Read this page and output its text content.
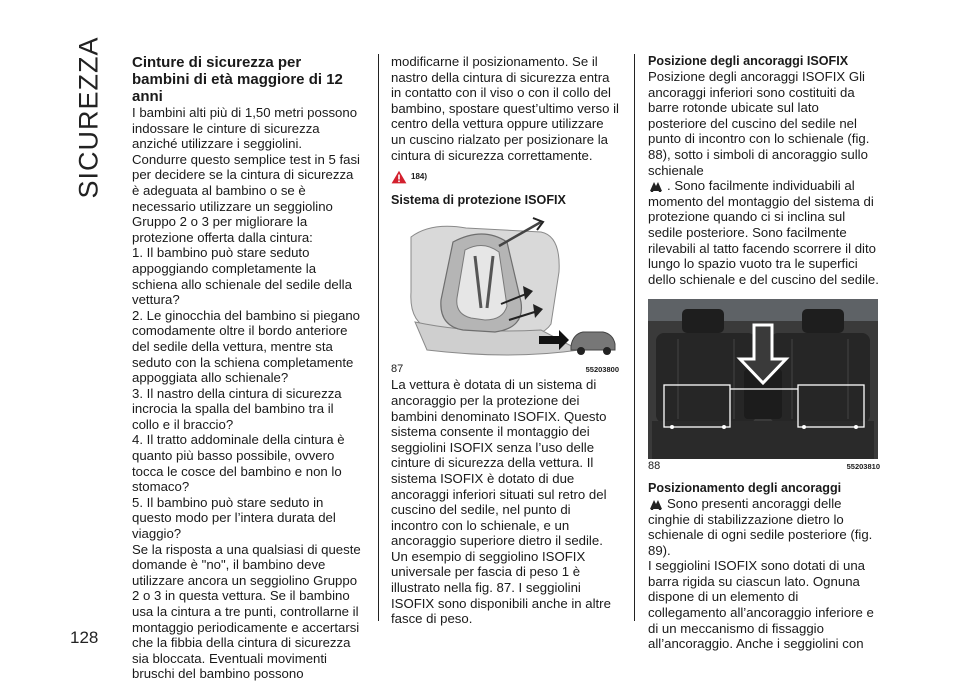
SICUREZZA Cinture di sicurezza per bambini di età maggiore di 12 anni

I bambini alti più di 1,50 metri possono indossare le cinture di sicurezza anziché utilizzare i seggiolini.

Condurre questo semplice test in 5 fasi per decidere se la cintura di sicurezza è adeguata al bambino o se è necessario utilizzare un seggiolino Gruppo 2 o 3 per migliorare la protezione offerta dalla cintura:

1. Il bambino può stare seduto appoggiando completamente la schiena allo schienale del sedile della vettura?

2. Le ginocchia del bambino si piegano comodamente oltre il bordo anteriore del sedile della vettura, mentre sta seduto con la schiena completamente appoggiata allo schienale?

3. Il nastro della cintura di sicurezza incrocia la spalla del bambino tra il collo e il braccio?

4. Il tratto addominale della cintura è quanto più basso possibile, ovvero tocca le cosce del bambino e non lo stomaco?

5. Il bambino può stare seduto in questo modo per l’intera durata del viaggio?

Se la risposta a una qualsiasi di queste domande è "no", il bambino deve utilizzare ancora un seggiolino Gruppo 2 o 3 in questa vettura. Se il bambino usa la cintura a tre punti, controllarne il montaggio periodicamente e accertarsi che la fibbia della cintura di sicurezza sia bloccata. Eventuali movimenti bruschi del bambino possono

modificarne il posizionamento. Se il nastro della cintura di sicurezza entra in contatto con il viso o con il collo del bambino, spostare quest’ultimo verso il centro della vettura oppure utilizzare un cuscino rialzato per posizionare la cintura di sicurezza correttamente.

184)

Sistema di protezione ISOFIX

87	55203800

La vettura è dotata di un sistema di ancoraggio per la protezione dei bambini denominato ISOFIX. Questo sistema consente il montaggio dei seggiolini ISOFIX senza l’uso delle cinture di sicurezza della vettura. Il sistema ISOFIX è dotato di due ancoraggi inferiori situati sul retro del cuscino del sedile, nel punto di incontro con lo schienale, e un ancoraggio superiore dietro il sedile.

Un esempio di seggiolino ISOFIX universale per fascia di peso 1 è illustrato nella fig. 87. I seggiolini ISOFIX sono disponibili anche in altre fasce di peso.

Posizione degli ancoraggi ISOFIX

Posizione degli ancoraggi ISOFIX Gli ancoraggi inferiori sono costituiti da barre rotonde ubicate sul lato posteriore del cuscino del sedile nel punto di incontro con lo schienale (fig. 88), sotto i simboli di ancoraggio sullo schienale
. Sono facilmente individuabili al momento del montaggio del sistema di protezione quando ci si inclina sul sedile posteriore. Sono facilmente rilevabili al tatto facendo scorrere il dito lungo lo spazio vuoto tra le superfici dello schienale e del cuscino del sedile.

88	55203810

Posizionamento degli ancoraggi

Sono presenti ancoraggi delle cinghie di stabilizzazione dietro lo schienale di ogni sedile posteriore (fig. 89).

I seggiolini ISOFIX sono dotati di una barra rigida su ciascun lato. Ognuna dispone di un elemento di collegamento all’ancoraggio inferiore e di un meccanismo di fissaggio all’ancoraggio. Anche i seggiolini con

128
